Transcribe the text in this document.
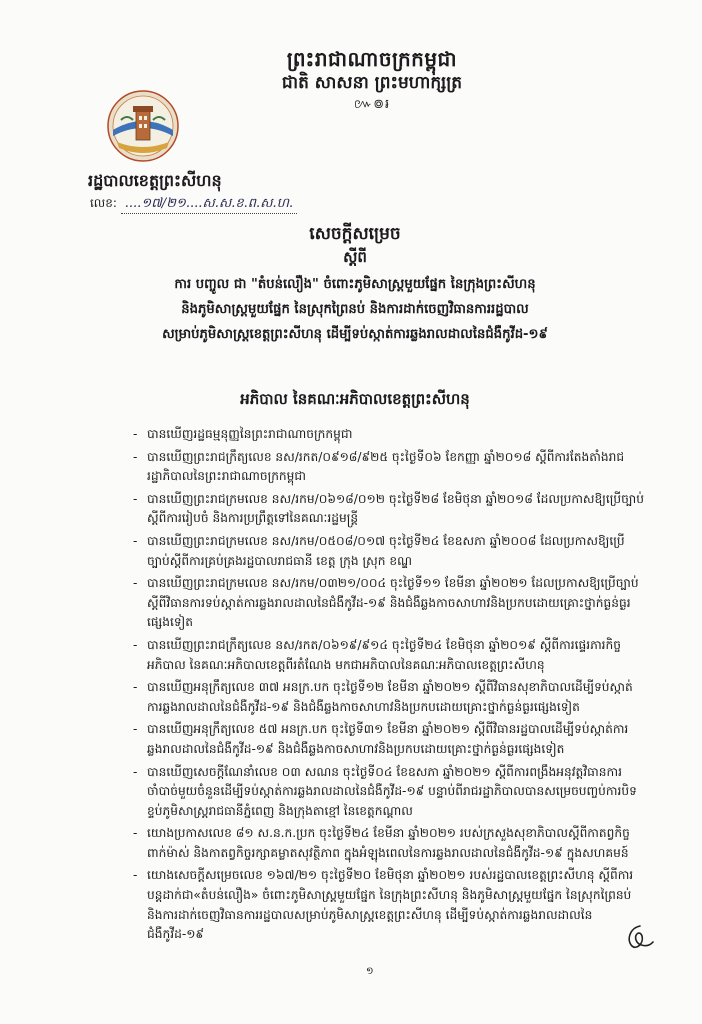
ព្រះរាជាណាចក្រកម្ពុជា
ជាតិ សាសនា ព្រះមហាក្សត្រ
៚៙៛
រដ្ឋបាលខេត្តព្រះសីហនុ
លេខ: ....១៧/២១....ស.ស.ខ.ព.ស.ហ.
សេចក្តីសម្រេច
ស្តីពី
ការ បញ្ចូល ជា "តំបន់លឿង" ចំពោះភូមិសាស្ត្រមួយផ្នែក នៃក្រុងព្រះសីហនុ
និងភូមិសាស្ត្រមួយផ្នែក នៃស្រុកព្រៃនប់ និងការដាក់ចេញវិធានការរដ្ឋបាល
សម្រាប់ភូមិសាស្ត្រខេត្តព្រះសីហនុ ដើម្បីទប់ស្កាត់ការឆ្លងរាលដាលនៃជំងឺកូវីដ-១៩
អភិបាល នៃគណៈអភិបាលខេត្តព្រះសីហនុ
- បានឃើញរដ្ឋធម្មនុញ្ញនៃព្រះរាជាណាចក្រកម្ពុជា
- បានឃើញព្រះរាជក្រឹត្យលេខ នស/រកត/០៩១៨/៩២៥ ចុះថ្ងៃទី០៦ ខែកញ្ញា ឆ្នាំ២០១៨ ស្តីពីការតែងតាំងរាជរដ្ឋាភិបាលនៃព្រះរាជាណាចក្រកម្ពុជា
- បានឃើញព្រះរាជក្រមលេខ នស/រកម/០៦១៨/០១២ ចុះថ្ងៃទី២៨ ខែមិថុនា ឆ្នាំ២០១៨ ដែលប្រកាសឱ្យប្រើច្បាប់ស្តីពីការរៀបចំ និងការប្រព្រឹត្តទៅនៃគណៈរដ្ឋមន្ត្រី
- បានឃើញព្រះរាជក្រមលេខ នស/រកម/០៥០៨/០១៧ ចុះថ្ងៃទី២៤ ខែឧសភា ឆ្នាំ២០០៨ ដែលប្រកាសឱ្យប្រើច្បាប់ស្តីពីការគ្រប់គ្រងរដ្ឋបាលរាជធានី ខេត្ត ក្រុង ស្រុក ខណ្ឌ
- បានឃើញព្រះរាជក្រមលេខ នស/រកម/០៣២១/០០៤ ចុះថ្ងៃទី១១ ខែមីនា ឆ្នាំ២០២១ ដែលប្រកាសឱ្យប្រើច្បាប់ស្តីពីវិធានការទប់ស្កាត់ការឆ្លងរាលដាលនៃជំងឺកូវីដ-១៩ និងជំងឺឆ្លងកាចសាហាវនិងប្រកបដោយគ្រោះថ្នាក់ធ្ងន់ធ្ងរផ្សេងទៀត
- បានឃើញព្រះរាជក្រឹត្យលេខ នស/រកត/០៦១៩/៩១៤ ចុះថ្ងៃទី២៤ ខែមិថុនា ឆ្នាំ២០១៩ ស្តីពីការផ្ទេរភារកិច្ចអភិបាល នៃគណៈអភិបាលខេត្តពីរតំណែង មកជាអភិបាលនៃគណៈអភិបាលខេត្តព្រះសីហនុ
- បានឃើញអនុក្រឹត្យលេខ ៣៧ អនក្រ.បក ចុះថ្ងៃទី១២ ខែមីនា ឆ្នាំ២០២១ ស្តីពីវិធានសុខាភិបាលដើម្បីទប់ស្កាត់ការឆ្លងរាលដាលនៃជំងឺកូវីដ-១៩ និងជំងឺឆ្លងកាចសាហាវនិងប្រកបដោយគ្រោះថ្នាក់ធ្ងន់ធ្ងរផ្សេងទៀត
- បានឃើញអនុក្រឹត្យលេខ ៥៧ អនក្រ.បក ចុះថ្ងៃទី៣១ ខែមីនា ឆ្នាំ២០២១ ស្តីពីវិធានរដ្ឋបាលដើម្បីទប់ស្កាត់ការឆ្លងរាលដាលនៃជំងឺកូវីដ-១៩ និងជំងឺឆ្លងកាចសាហាវនិងប្រកបដោយគ្រោះថ្នាក់ធ្ងន់ធ្ងរផ្សេងទៀត
- បានឃើញសេចក្តីណែនាំលេខ ០៣ សណន ចុះថ្ងៃទី០៤ ខែឧសភា ឆ្នាំ២០២១ ស្តីពីការពង្រឹងអនុវត្តវិធានការចាំបាច់មួយចំនួនដើម្បីទប់ស្កាត់ការឆ្លងរាលដាលនៃជំងឺកូវីដ-១៩ បន្ទាប់ពីរាជរដ្ឋាភិបាលបានសម្រេចបញ្ចប់ការបិទខ្ទប់ភូមិសាស្ត្ររាជធានីភ្នំពេញ និងក្រុងតាខ្មៅ នៃខេត្តកណ្តាល
- យោងប្រកាសលេខ ៨១ ស.ន.ក.ប្រក ចុះថ្ងៃទី២៤ ខែមីនា ឆ្នាំ២០២១ របស់ក្រសួងសុខាភិបាលស្តីពីកាតព្វកិច្ចពាក់ម៉ាស់ និងកាតព្វកិច្ចរក្សាគម្លាតសុវត្ថិភាព ក្នុងអំឡុងពេលនៃការឆ្លងរាលដាលនៃជំងឺកូវីដ-១៩ ក្នុងសហគមន៍
- យោងសេចក្តីសម្រេចលេខ ១៦៧/២១ ចុះថ្ងៃទី២០ ខែមិថុនា ឆ្នាំ២០២១ របស់រដ្ឋបាលខេត្តព្រះសីហនុ ស្តីពីការបន្តដាក់ជា«តំបន់លឿង» ចំពោះភូមិសាស្ត្រមួយផ្នែក នៃក្រុងព្រះសីហនុ និងភូមិសាស្ត្រមួយផ្នែក នៃស្រុកព្រៃនប់ និងការដាក់ចេញវិធានការរដ្ឋបាលសម្រាប់ភូមិសាស្ត្រខេត្តព្រះសីហនុ ដើម្បីទប់ស្កាត់ការឆ្លងរាលដាលនៃជំងឺកូវីដ-១៩
១
